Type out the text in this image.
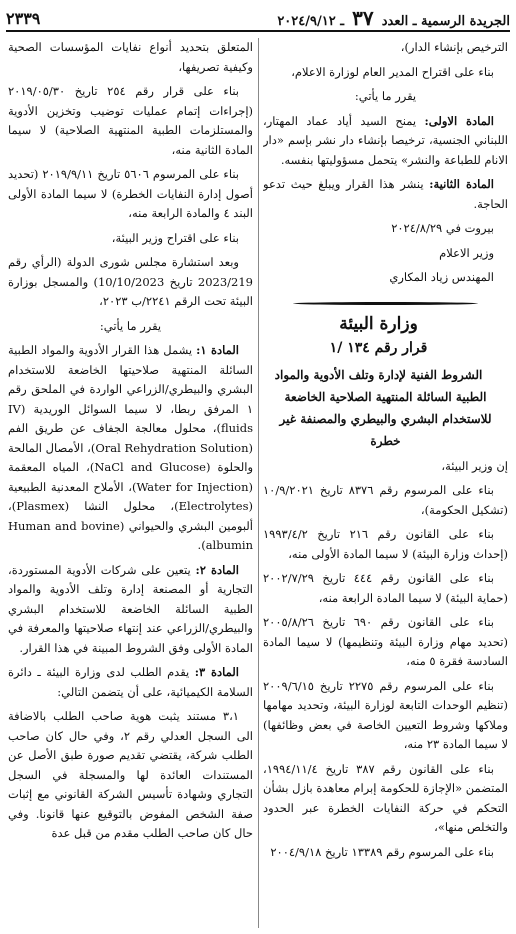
الجريدة الرسمية ـ العدد ٣٧ ـ ٢٠٢٤/٩/١٢
٢٣٣٩

الترخيص بإنشاء الدار)،

بناء على اقتراح المدير العام لوزارة الاعلام،

يقرر ما يأتي:

المادة الاولى: يمنح السيد أياد عماد المهتار، اللبناني الجنسية، ترخيصا بإنشاء دار نشر بإسم «دار الانام للطباعة والنشر» يتحمل مسؤوليتها بنفسه.

المادة الثانية: ينشر هذا القرار ويبلغ حيث تدعو الحاجة.

بيروت في ٢٠٢٤/٨/٢٩

وزير الاعلام

المهندس زياد المكاري

وزارة البيئة

قرار رقم ١٣٤ /١

الشروط الفنية لإدارة وتلف الأدوية والمواد الطبية السائلة المنتهية الصلاحية الخاضعة للاستخدام البشري والبيطري والمصنفة غير خطرة

إن وزير البيئة،

بناء على المرسوم رقم ٨٣٧٦ تاريخ ١٠/٩/٢٠٢١ (تشكيل الحكومة)،

بناء على القانون رقم ٢١٦ تاريخ ١٩٩٣/٤/٢ (إحداث وزارة البيئة) لا سيما المادة الأولى منه،

بناء على القانون رقم ٤٤٤ تاريخ ٢٠٠٢/٧/٢٩ (حماية البيئة) لا سيما المادة الرابعة منه،

بناء على القانون رقم ٦٩٠ تاريخ ٢٠٠٥/٨/٢٦ (تحديد مهام وزارة البيئة وتنظيمها) لا سيما المادة السادسة فقرة ٥ منه،

بناء على المرسوم رقم ٢٢٧٥ تاريخ ٢٠٠٩/٦/١٥ (تنظيم الوحدات التابعة لوزارة البيئة، وتحديد مهامها وملاكها وشروط التعيين الخاصة في بعض وظائفها) لا سيما المادة ٢٣ منه،

بناء على القانون رقم ٣٨٧ تاريخ ١٩٩٤/١١/٤، المتضمن «الإجازة للحكومة إبرام معاهدة بازل بشأن التحكم في حركة النفايات الخطرة عبر الحدود والتخلص منها»،

بناء على المرسوم رقم ١٣٣٨٩ تاريخ ٢٠٠٤/٩/١٨

المتعلق بتحديد أنواع نفايات المؤسسات الصحية وكيفية تصريفها،

بناء على قرار رقم ٢٥٤ تاريخ ٢٠١٩/٠٥/٣٠ (إجراءات إتمام عمليات توضيب وتخزين الأدوية والمستلزمات الطبية المنتهية الصلاحية) لا سيما المادة الثانية منه،

بناء على المرسوم ٥٦٠٦ تاريخ ٢٠١٩/٩/١١ (تحديد أصول إدارة النفايات الخطرة) لا سيما المادة الأولى البند ٤ والمادة الرابعة منه،

بناء على اقتراح وزير البيئة،

وبعد استشارة مجلس شورى الدولة (الرأي رقم 2023/219 تاريخ 10/10/2023) والمسجل بوزارة البيئة تحت الرقم ٢٢٤١/ب ٢٠٢٣،

يقرر ما يأتي:

المادة ١: يشمل هذا القرار الأدوية والمواد الطبية السائلة المنتهية صلاحيتها الخاضعة للاستخدام البشري والبيطري/الزراعي الواردة في الملحق رقم ١ المرفق ربطا، لا سيما السوائل الوريدية (IV fluids)، محلول معالجة الجفاف عن طريق الفم (Oral Rehydration Solution)، الأمصال المالحة والحلوة (NaCl and Glucose)، المياه المعقمة (Water for Injection)، الأملاح المعدنية الطبيعية (Electrolytes)، محلول النشا (Plasmex)، ألبومين البشري والحيواني (Human and bovine albumin).

المادة ٢: يتعين على شركات الأدوية المستوردة، التجارية أو المصنعة إدارة وتلف الأدوية والمواد الطبية السائلة الخاضعة للاستخدام البشري والبيطري/الزراعي عند إنتهاء صلاحيتها والمعرفة في المادة الأولى وفق الشروط المبينة في هذا القرار.

المادة ٣: يقدم الطلب لدى وزارة البيئة ـ دائرة السلامة الكيميائية، على أن يتضمن التالي:

٣،١ مستند يثبت هوية صاحب الطلب بالاضافة الى السجل العدلي رقم ٢، وفي حال كان صاحب الطلب شركة، يقتضي تقديم صورة طبق الأصل عن المستندات العائدة لها والمسجلة في السجل التجاري وشهادة تأسيس الشركة القانوني مع إثبات صفة الشخص المفوض بالتوقيع عنها قانونا. وفي حال كان صاحب الطلب مقدم من قبل عدة
